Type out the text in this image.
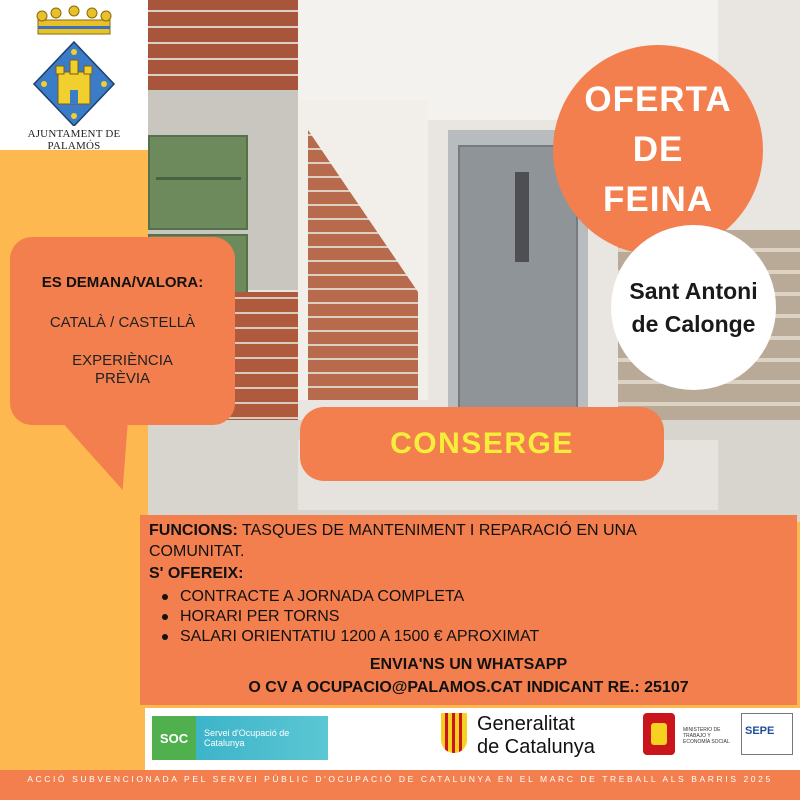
AJUNTAMENT DE PALAMÓS
OFERTA
DE
FEINA
Sant Antoni
de Calonge
ES DEMANA/VALORA:
CATALÀ / CASTELLÀ
EXPERIÈNCIA
PRÈVIA
CONSERGE
FUNCIONS: TASQUES DE MANTENIMENT I REPARACIÓ EN UNA
COMUNITAT.
S' OFEREIX:
CONTRACTE A JORNADA COMPLETA
HORARI PER TORNS
SALARI ORIENTATIU 1200 A 1500 € APROXIMAT
ENVIA'NS UN WHATSAPP
O CV A OCUPACIO@PALAMOS.CAT INDICANT RE.: 25107
SOC	Servei d'Ocupació de Catalunya
Generalitat
de Catalunya
MINISTERIO DE TRABAJO Y ECONOMÍA SOCIAL
SEPE
ACCIÓ SUBVENCIONADA PEL SERVEI PÚBLIC D'OCUPACIÓ DE CATALUNYA EN EL MARC DE TREBALL ALS BARRIS 2025
